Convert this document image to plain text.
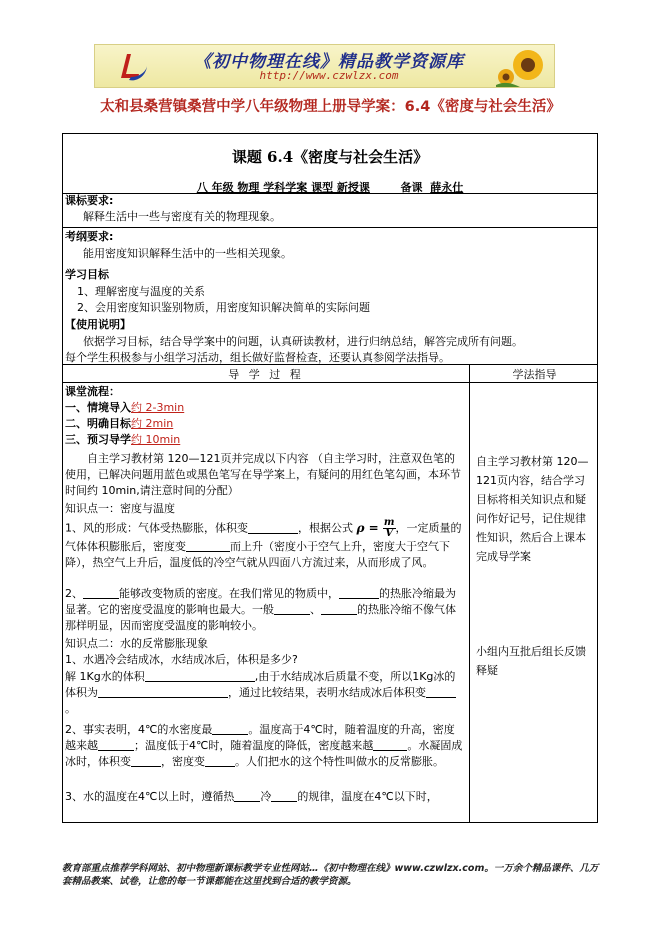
《初中物理在线》精品教学资源库
http://www.czwlzx.com
太和县桑营镇桑营中学八年级物理上册导学案：6.4《密度与社会生活》
课题 6.4《密度与社会生活》
八 年级 物理 学科学案 课型 新授课	备课 薛永仕
课标要求:
解释生活中一些与密度有关的物理现象。
考纲要求:
能用密度知识解释生活中的一些相关现象。
学习目标
1、理解密度与温度的关系
2、会用密度知识鉴别物质，用密度知识解决简单的实际问题
【使用说明】
依据学习目标，结合导学案中的问题，认真研读教材，进行归纳总结，解答完成所有问题。
每个学生积极参与小组学习活动，组长做好监督检查，还要认真参阅学法指导。
导 学 过 程	学法指导
课堂流程：
一、情境导入约 2-3min
二、明确目标约 2min
三、预习导学约 10min
自主学习教材第 120—121页并完成以下内容 （自主学习时，注意双色笔的使用，已解决问题用蓝色或黑色笔写在导学案上，有疑问的用红色笔勾画，本环节时间约 10min,请注意时间的分配）
知识点一：密度与温度
1、风的形成：气体受热膨胀，体积变	，根据公式 $\rho = \frac{m}{V}$ ，一定质量的气体体积膨胀后，密度变	而上升（密度小于空气上升，密度大于空气下降），热空气上升后，温度低的冷空气就从四面八方流过来，从而形成了风。
2、	能够改变物质的密度。在我们常见的物质中，	的热胀冷缩最为显著。它的密度受温度的影响也最大。一般	、	的热胀冷缩不像气体那样明显，因而密度受温度的影响较小。
知识点二：水的反常膨胀现象
1、水遇冷会结成冰，水结成冰后，体积是多少?
解 1Kg水的体积	,由于水结成冰后质量不变，所以1Kg冰的体积为	，通过比较结果，表明水结成冰后体积变。
2、事实表明，4℃的水密度最	。温度高于4℃时，随着温度的升高，密度越来越	；温度低于4℃时，随着温度的降低，密度越来越	。水凝固成冰时，体积变	，密度变	。人们把水的这个特性叫做水的反常膨胀。
3、水的温度在4℃以上时，遵循热 冷 的规律，温度在4℃以下时，
自主学习教材第 120—121页内容，结合学习目标将相关知识点和疑问作好记号，记住规律性知识，然后合上课本完成导学案
小组内互批后组长反馈释疑
教育部重点推荐学科网站、初中物理新课标教学专业性网站…《初中物理在线》www.czwlzx.com。一万余个精品课件、几万套精品教案、试卷，让您的每一节课都能在这里找到合适的教学资源。
